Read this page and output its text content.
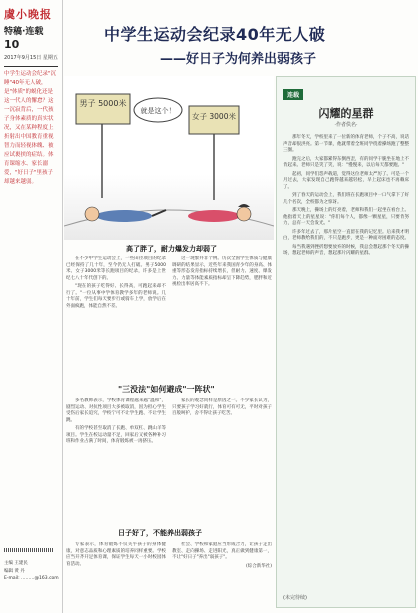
虞小晚报
特稿·连载
10
2017年9月15日 星期五
中学生运动会纪录"沉睡"40年无人破，是"体质"的蜕化还是这一代人的懈怠？这一沉寂背后，一代孩子身体素质的真实状况，又在某种程度上折射出中国教育重视智力而轻视体魄、被应试裹挟的症结。体育课缩水、家长溺爱，"好日子"里孩子却越来越弱。
主编 王建民
编辑 黄 丹
E-mail: ………@163.com
中学生运动会纪录40年无人破
——好日子为何养出弱孩子
男子 5000米
女子 3000米
就是这个！
高了胖了，耐力爆发力却弱了

在不少中学生运动会上，一些田径项目的纪录已经保持了几十年，至今仍无人打破。男子5000米、女子3000米等长跑项目的纪录，许多是上世纪七八十年代创下的。

"现在的孩子吃得好、长得高，可跑起来却不行了。"一位从事中学体育教学多年的老师说。几十年前，学生们每天要步行或骑车上学，放学后在外面疯跑，体能自然不差。

这一现象并非个例。历次全国学生体质与健康调研的结果显示，近些年来我国青少年的身高、体重等形态发育指标持续增长，但耐力、速度、爆发力、力量等体能素质指标却呈下降趋势，肥胖和近视检出率居高不下。

"三没法"如何避成"一阵状"

多名教师表示，学校体育课程越来越"温和"，剧烈运动、对抗性项目大多被取消，因为担心学生受伤后家长追究，学校宁可不让学生跑、不让学生跳。

有的学校甚至取消了长跑、单双杠、跳山羊等项目。学生在校运动量不足，回家后又被各种补习班和作业占满了时间，体育锻炼被一再挤压。

家长的观念同样是原因之一。不少家长认为，只要孩子学习好就行，体育可有可无，平时对孩子百般呵护，舍不得让孩子吃苦。

日子好了，不能养出弱孩子

专家表示，体育锻炼不仅关乎孩子的身体健康，对意志品质和心理素质的培养同样重要。学校应当开齐开足体育课，保证学生每天一小时校园体育活动。

社会、学校和家庭应当形成合力，让孩子走出教室、走向操场、走进阳光，真正做到健康第一，不让"好日子"养出"弱孩子"。

(综合新华社)

连载
闪耀的星群
·作者佚名·

那年冬天，学校里来了一位新的体育老师，个子不高，说话声音却很洪亮。第一节课，他就带着全班同学绕着操场跑了整整三圈。

跑完之后，大家都累得东倒西歪，有的同学干脆坐在地上不肯起来。老师只是笑了笑，说："慢慢来，以后每天都要跑。"

起初，同学们怨声载道，觉得这位老师太严厉了。可是一个月过去，大家发现自己跑得越来越轻松，早上起床也不再赖床了。

到了春天的运动会上，我们班在长跑项目中一口气拿下了好几个名次，全校都为之惊讶。

那天晚上，操场上的灯亮着，老师和我们一起坐在看台上。他指着天上的星星说："你们每个人，都像一颗星星，只要肯努力，总有一天会发光。"

许多年过去了，那片星空一直留在我的记忆里。后来我才明白，老师教给我们的，不只是跑步，更是一种面对困难的态度。

每当我遇到挫折想要放弃的时候，我总会想起那个冬天的操场，想起老师的声音，想起那片闪耀的星群。

(未完待续)
